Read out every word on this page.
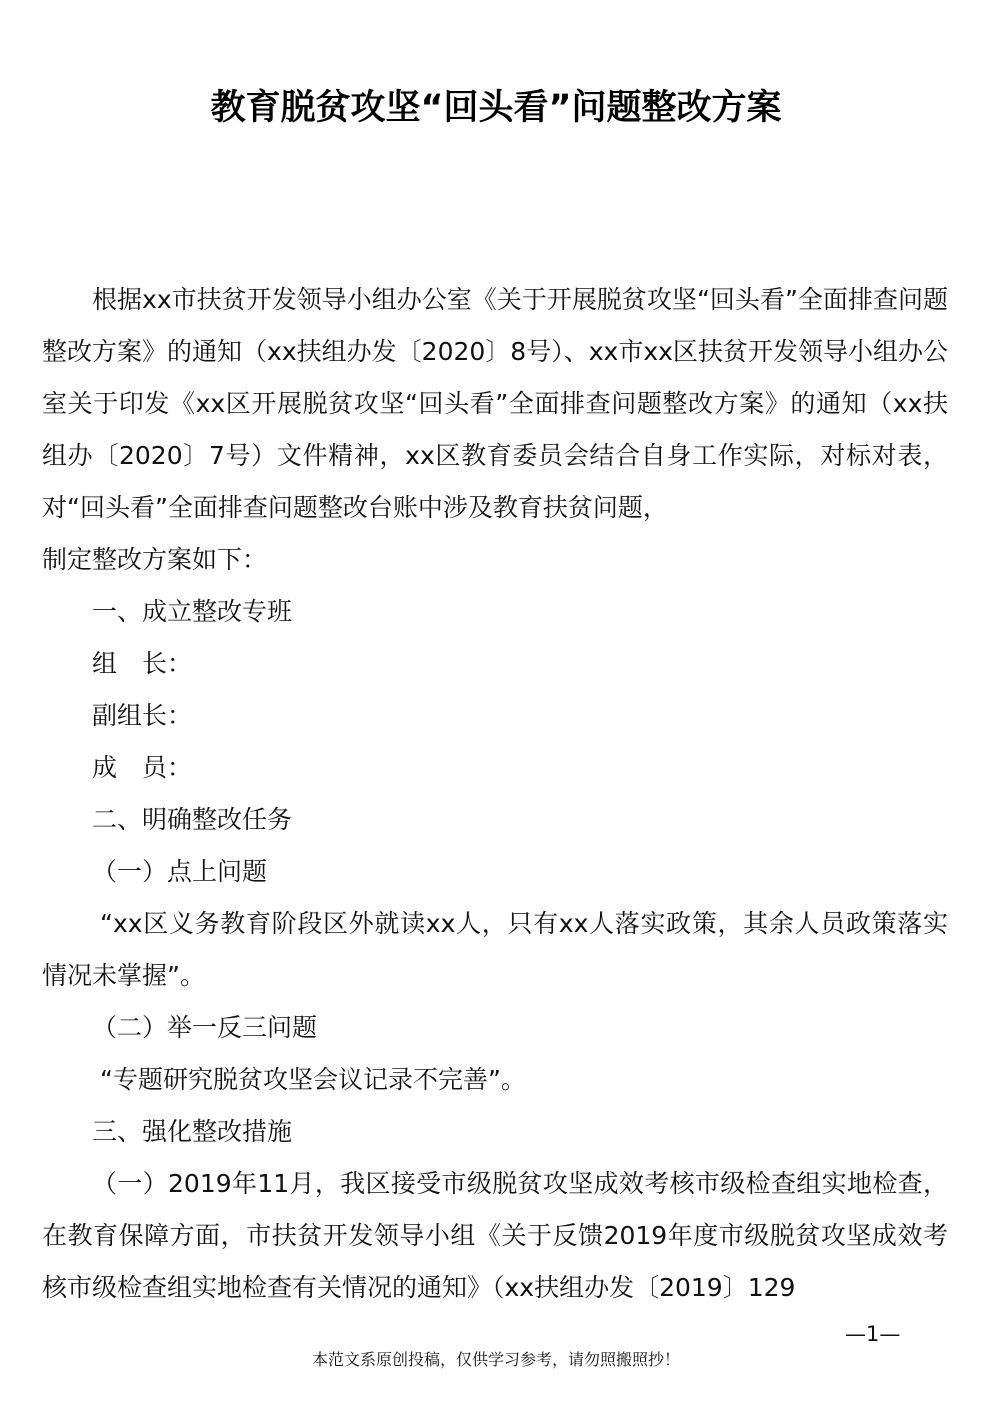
教育脱贫攻坚“回头看”问题整改方案

根据xx市扶贫开发领导小组办公室《关于开展脱贫攻坚“回头看”全面排查问题整改方案》的通知（xx扶组办发〔2020〕8号）、xx市xx区扶贫开发领导小组办公室关于印发《xx区开展脱贫攻坚“回头看”全面排查问题整改方案》的通知（xx扶组办〔2020〕7号）文件精神，xx区教育委员会结合自身工作实际，对标对表，对“回头看”全面排查问题整改台账中涉及教育扶贫问题，

制定整改方案如下：

一、成立整改专班

组　长：

副组长：

成　员：

二、明确整改任务

（一）点上问题

“xx区义务教育阶段区外就读xx人，只有xx人落实政策，其余人员政策落实情况未掌握”。

（二）举一反三问题

“专题研究脱贫攻坚会议记录不完善”。

三、强化整改措施

（一）2019年11月，我区接受市级脱贫攻坚成效考核市级检查组实地检查，在教育保障方面，市扶贫开发领导小组《关于反馈2019年度市级脱贫攻坚成效考核市级检查组实地检查有关情况的通知》（xx扶组办发〔2019〕129

—1—
本范文系原创投稿，仅供学习参考，请勿照搬照抄！
